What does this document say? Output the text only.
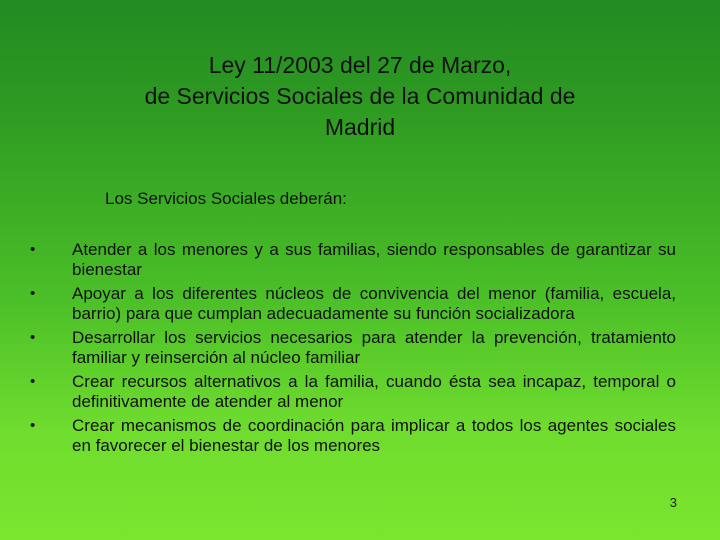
Ley 11/2003 del 27 de Marzo,
de Servicios Sociales de la Comunidad de
Madrid
Los Servicios Sociales deberán:
•	Atender a los menores y a sus familias, siendo responsables de garantizar su bienestar
•	Apoyar a los diferentes núcleos de convivencia del menor (familia, escuela, barrio) para que cumplan adecuadamente su función socializadora
•	Desarrollar los servicios necesarios para atender la prevención, tratamiento familiar y reinserción al núcleo familiar
•	Crear recursos alternativos a la familia, cuando ésta sea incapaz, temporal o definitivamente de atender al menor
•	Crear mecanismos de coordinación para implicar a todos los agentes sociales en favorecer el bienestar de los menores
3
